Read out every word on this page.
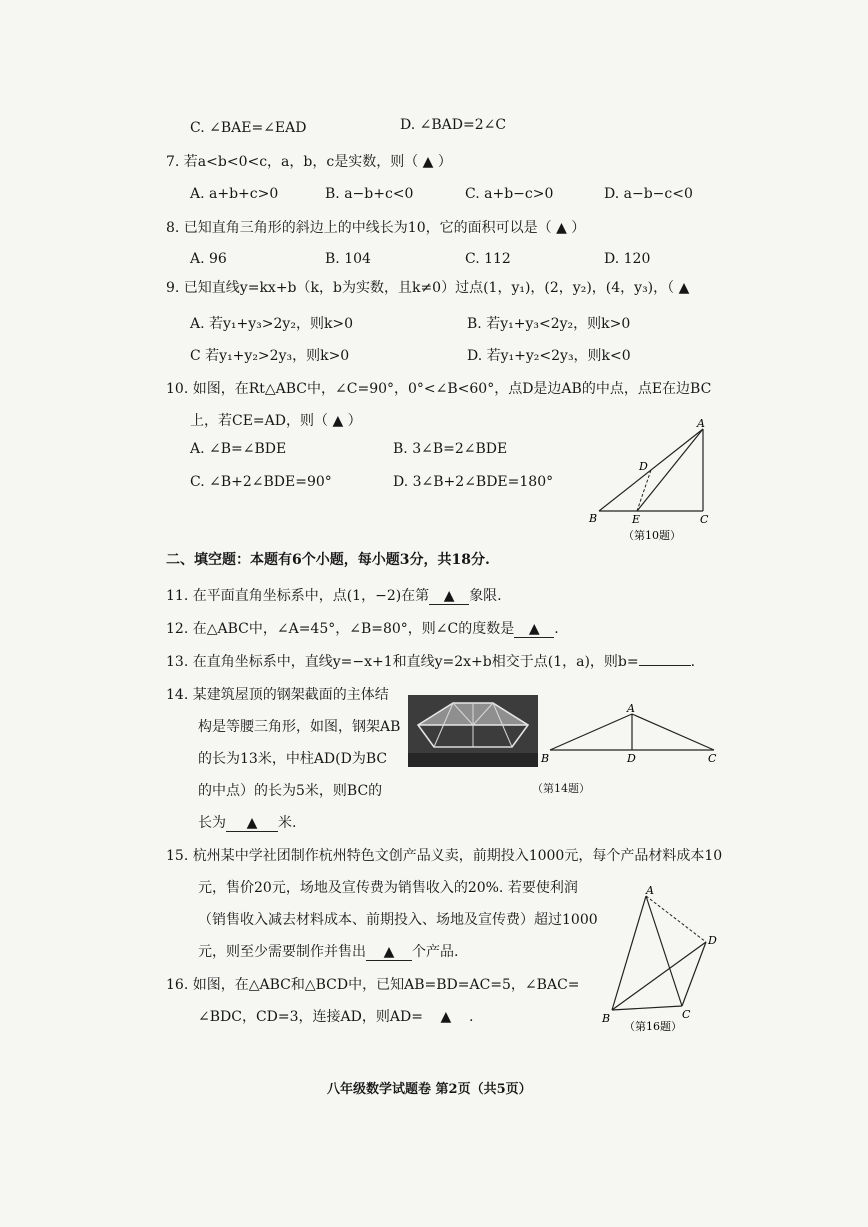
C. ∠BAE=∠EAD	D. ∠BAD=2∠C
7. 若a<b<0<c，a，b，c是实数，则（ ▲ ）
A. a+b+c>0	B. a−b+c<0	C. a+b−c>0	D. a−b−c<0
8. 已知直角三角形的斜边上的中线长为10，它的面积可以是（ ▲ ）
A. 96	B. 104	C. 112	D. 120
9. 已知直线y=kx+b（k，b为实数，且k≠0）过点(1，y₁)，(2，y₂)，(4，y₃)，（ ▲
A. 若y₁+y₃>2y₂，则k>0	B. 若y₁+y₃<2y₂，则k>0
C 若y₁+y₂>2y₃，则k>0	D. 若y₁+y₂<2y₃，则k<0
10. 如图，在Rt△ABC中，∠C=90°，0°<∠B<60°，点D是边AB的中点，点E在边BC
上，若CE=AD，则（ ▲ ）
A. ∠B=∠BDE	B. 3∠B=2∠BDE
C. ∠B+2∠BDE=90°	D. 3∠B+2∠BDE=180°
A
B	C
D
E
（第10题）
二、填空题：本题有6个小题，每小题3分，共18分.
11. 在平面直角坐标系中，点(1，−2)在第 ▲ 象限.
12. 在△ABC中，∠A=45°，∠B=80°，则∠C的度数是 ▲ .
13. 在直角坐标系中，直线y=−x+1和直线y=2x+b相交于点(1，a)，则b=	.
14. 某建筑屋顶的钢架截面的主体结
构是等腰三角形，如图，钢架AB
的长为13米，中柱AD(D为BC
的中点）的长为5米，则BC的
长为 ▲ 米.
A
B	C
D
（第14题）
15. 杭州某中学社团制作杭州特色文创产品义卖，前期投入1000元，每个产品材料成本10
元，售价20元，场地及宣传费为销售收入的20%. 若要使利润
（销售收入减去材料成本、前期投入、场地及宣传费）超过1000
元，则至少需要制作并售出 ▲ 个产品.
16. 如图，在△ABC和△BCD中，已知AB=BD=AC=5，∠BAC=
∠BDC，CD=3，连接AD，则AD= ▲ .
A
B	C
D
（第16题）
八年级数学试题卷 第2页（共5页）
